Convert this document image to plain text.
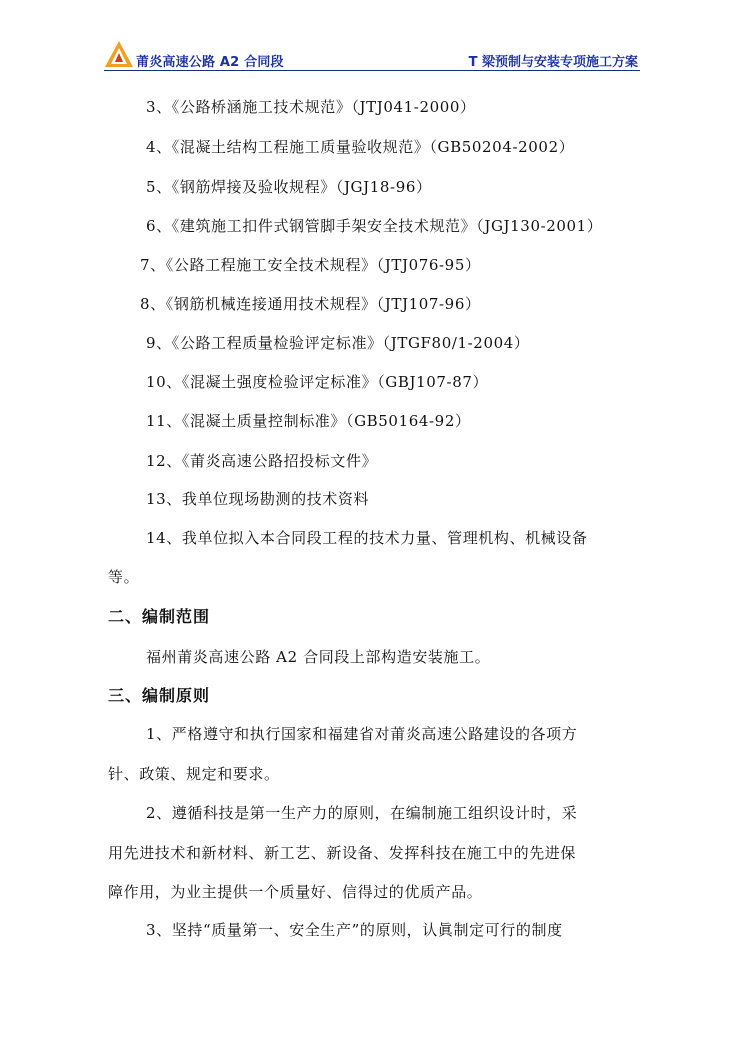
莆炎高速公路 A2 合同段	T 梁预制与安装专项施工方案
3、《公路桥涵施工技术规范》（JTJ041-2000）
4、《混凝土结构工程施工质量验收规范》（GB50204-2002）
5、《钢筋焊接及验收规程》（JGJ18-96）
6、《建筑施工扣件式钢管脚手架安全技术规范》（JGJ130-2001）
7、《公路工程施工安全技术规程》（JTJ076-95）
8、《钢筋机械连接通用技术规程》（JTJ107-96）
9、《公路工程质量检验评定标准》（JTGF80/1-2004）
10、《混凝土强度检验评定标准》（GBJ107-87）
11、《混凝土质量控制标准》（GB50164-92）
12、《莆炎高速公路招投标文件》
13、我单位现场勘测的技术资料
14、我单位拟入本合同段工程的技术力量、管理机构、机械设备
等。
二、编制范围
福州莆炎高速公路 A2 合同段上部构造安装施工。
三、编制原则
1、严格遵守和执行国家和福建省对莆炎高速公路建设的各项方
针、政策、规定和要求。
2、遵循科技是第一生产力的原则，在编制施工组织设计时，采
用先进技术和新材料、新工艺、新设备、发挥科技在施工中的先进保
障作用，为业主提供一个质量好、信得过的优质产品。
3、坚持“质量第一、安全生产”的原则，认眞制定可行的制度
